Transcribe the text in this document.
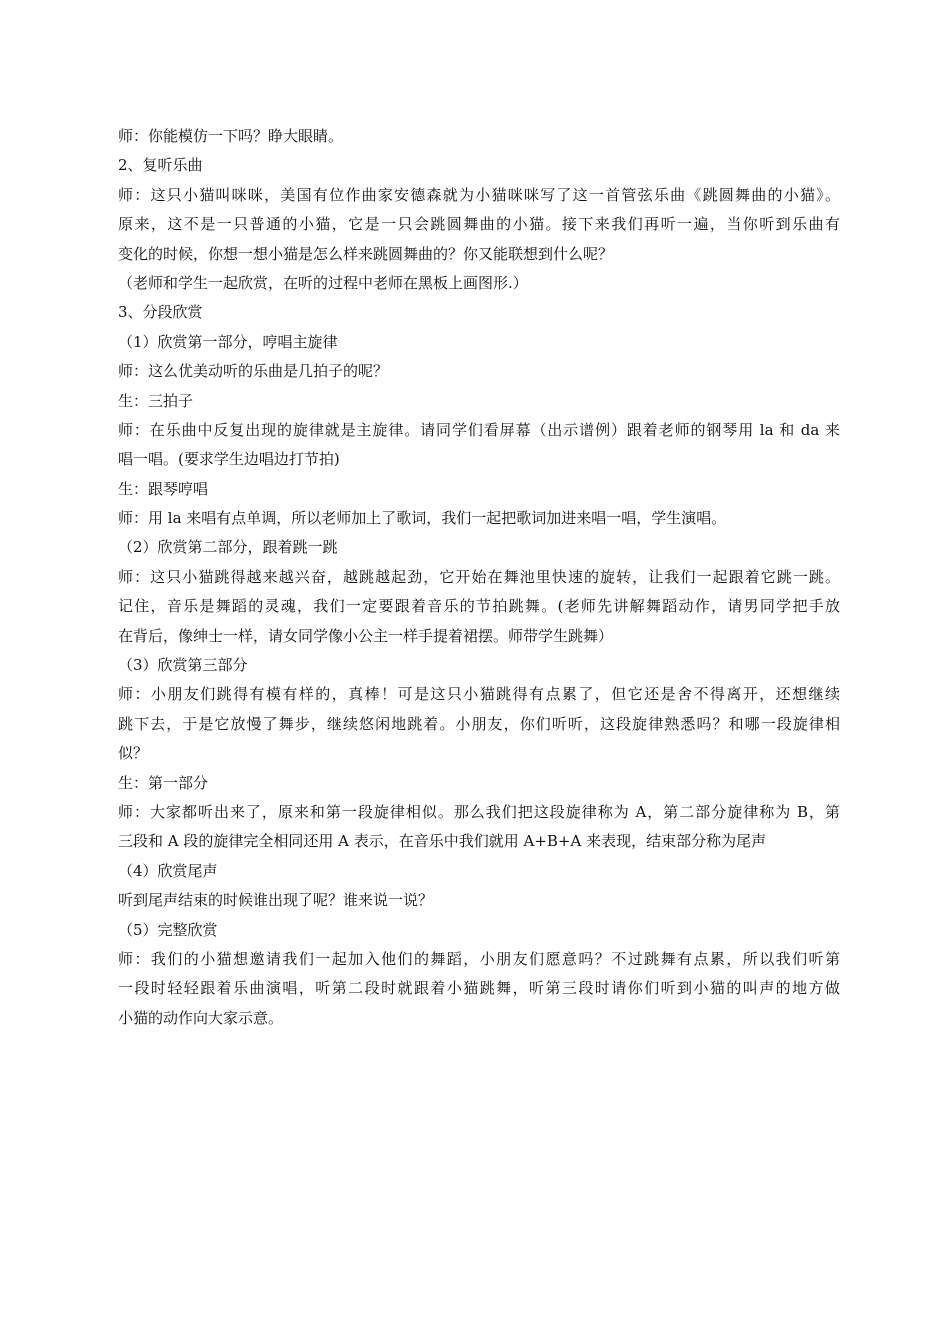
师：你能模仿一下吗？睁大眼睛。
2、复听乐曲
师：这只小猫叫咪咪，美国有位作曲家安德森就为小猫咪咪写了这一首管弦乐曲《跳圆舞曲的小猫》。
原来，这不是一只普通的小猫，它是一只会跳圆舞曲的小猫。接下来我们再听一遍，当你听到乐曲有
变化的时候，你想一想小猫是怎么样来跳圆舞曲的？你又能联想到什么呢？
（老师和学生一起欣赏，在听的过程中老师在黑板上画图形.）
3、分段欣赏
（1）欣赏第一部分，哼唱主旋律
师：这么优美动听的乐曲是几拍子的呢？
生：三拍子
师：在乐曲中反复出现的旋律就是主旋律。请同学们看屏幕（出示谱例）跟着老师的钢琴用 la 和 da 来
唱一唱。(要求学生边唱边打节拍)
生：跟琴哼唱
师：用 la 来唱有点单调，所以老师加上了歌词，我们一起把歌词加进来唱一唱，学生演唱。
（2）欣赏第二部分，跟着跳一跳
师：这只小猫跳得越来越兴奋，越跳越起劲，它开始在舞池里快速的旋转，让我们一起跟着它跳一跳。
记住，音乐是舞蹈的灵魂，我们一定要跟着音乐的节拍跳舞。(老师先讲解舞蹈动作，请男同学把手放
在背后，像绅士一样，请女同学像小公主一样手提着裙摆。师带学生跳舞）
（3）欣赏第三部分
师：小朋友们跳得有模有样的，真棒！可是这只小猫跳得有点累了，但它还是舍不得离开，还想继续
跳下去，于是它放慢了舞步，继续悠闲地跳着。小朋友，你们听听，这段旋律熟悉吗？和哪一段旋律相
似？
生：第一部分
师：大家都听出来了，原来和第一段旋律相似。那么我们把这段旋律称为 A，第二部分旋律称为 B，第
三段和 A 段的旋律完全相同还用 A 表示，在音乐中我们就用 A+B+A 来表现，结束部分称为尾声
（4）欣赏尾声
听到尾声结束的时候谁出现了呢？谁来说一说？
（5）完整欣赏
师：我们的小猫想邀请我们一起加入他们的舞蹈，小朋友们愿意吗？不过跳舞有点累，所以我们听第
一段时轻轻跟着乐曲演唱，听第二段时就跟着小猫跳舞，听第三段时请你们听到小猫的叫声的地方做
小猫的动作向大家示意。
